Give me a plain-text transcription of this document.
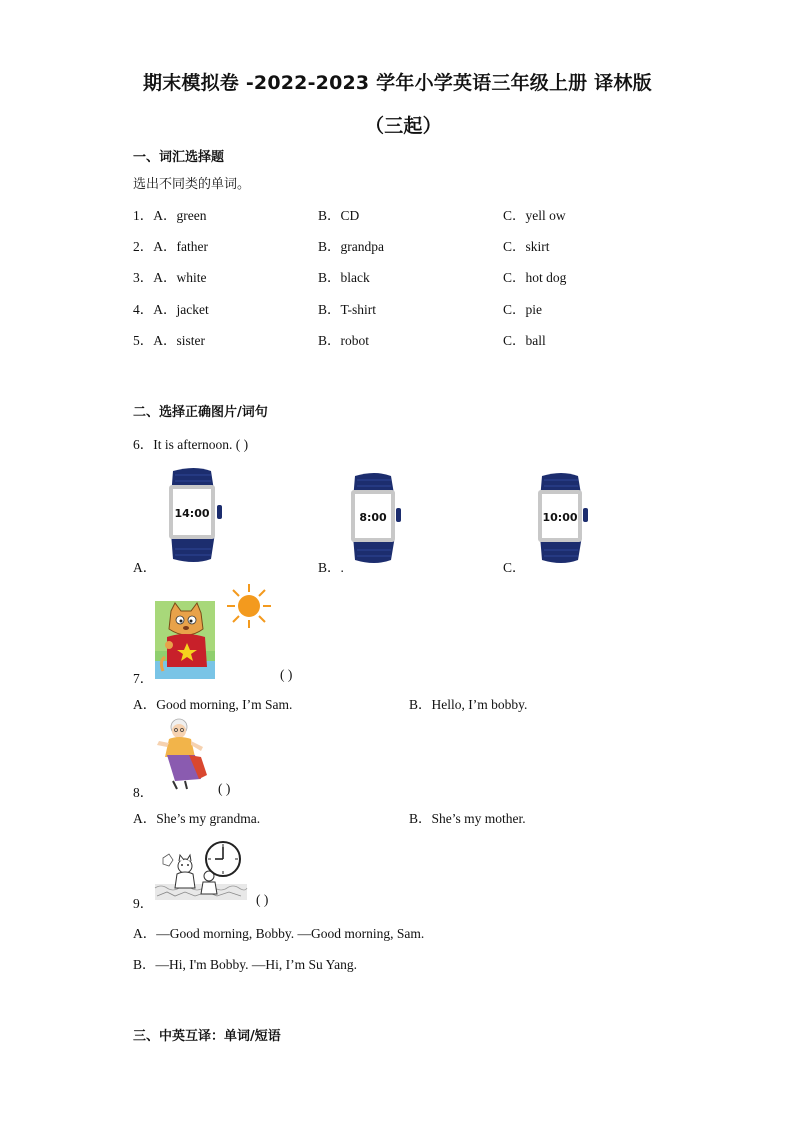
期末模拟卷 -2022-2023 学年小学英语三年级上册 译林版
（三起）
一、词汇选择题
选出不同类的单词。
1．A．green	B．CD	C．yell ow
2．A．father	B．grandpa	C．skirt
3．A．white	B．black	C．hot dog
4．A．jacket	B．T-shirt	C．pie
5．A．sister	B．robot	C．ball
二、选择正确图片/词句
6．It is afternoon. ( )
14:00	8:00	10:00
A．	B．.	C．
7．	( )
A．Good morning, I’m Sam.	B．Hello, I’m bobby.
8．	( )
A．She’s my grandma.	B．She’s my mother.
9．	( )
A．—Good morning, Bobby. —Good morning, Sam.
B．—Hi, I'm Bobby. —Hi, I’m Su Yang.
三、中英互译：单词/短语
